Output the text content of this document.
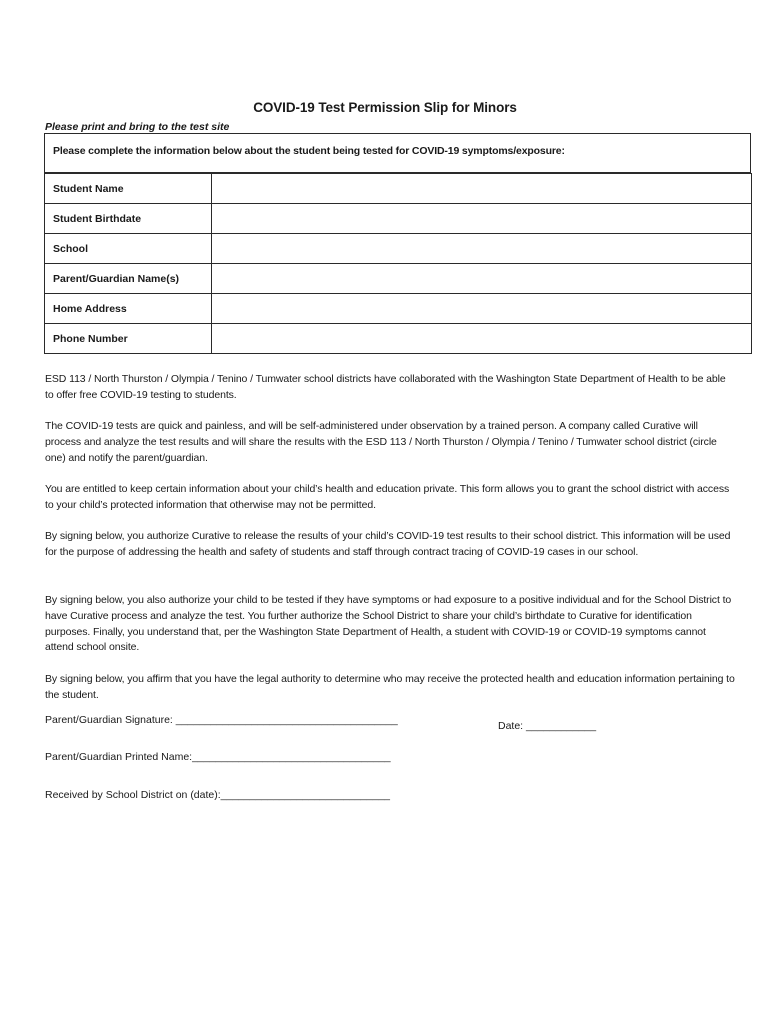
COVID-19 Test Permission Slip for Minors
Please print and bring to the test site
Please complete the information below about the student being tested for COVID-19 symptoms/exposure:
Student Name	
Student Birthdate	
School	
Parent/Guardian Name(s)	
Home Address	
Phone Number	
ESD 113 / North Thurston / Olympia / Tenino / Tumwater school districts have collaborated with the Washington State Department of Health to be able to offer free COVID-19 testing to students.
The COVID-19 tests are quick and painless, and will be self-administered under observation by a trained person. A company called Curative will process and analyze the test results and will share the results with the ESD 113 / North Thurston / Olympia / Tenino / Tumwater school district (circle one) and notify the parent/guardian.
You are entitled to keep certain information about your child’s health and education private. This form allows you to grant the school district with access to your child’s protected information that otherwise may not be permitted.
By signing below, you authorize Curative to release the results of your child’s COVID-19 test results to their school district. This information will be used for the purpose of addressing the health and safety of students and staff through contract tracing of COVID-19 cases in our school.
By signing below, you also authorize your child to be tested if they have symptoms or had exposure to a positive individual and for the School District to have Curative process and analyze the test. You further authorize the School District to share your child’s birthdate to Curative for identification purposes. Finally, you understand that, per the Washington State Department of Health, a student with COVID-19 or COVID-19 symptoms cannot attend school onsite.
By signing below, you affirm that you have the legal authority to determine who may receive the protected health and education information pertaining to the student.
Parent/Guardian Signature: ______________________________________	Date: ____________
Parent/Guardian Printed Name:__________________________________
Received by School District on (date):_____________________________
